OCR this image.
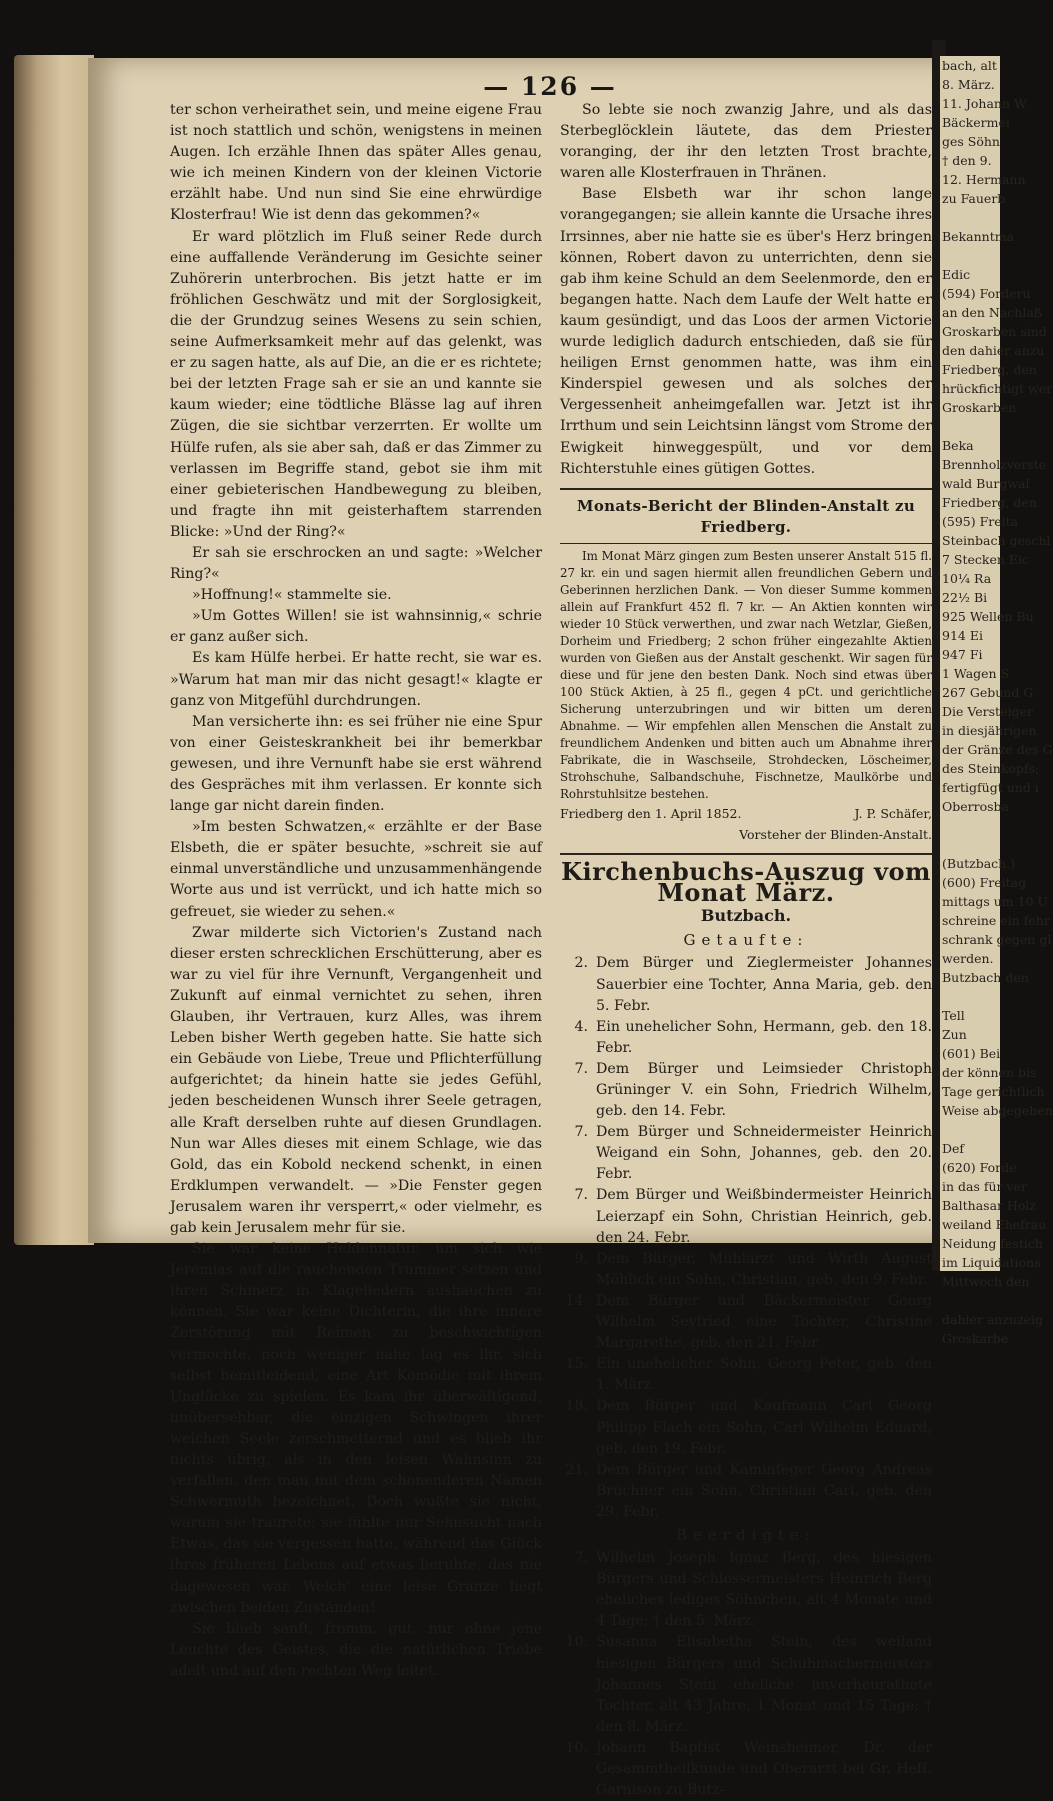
bach, alt
8. März.
11. Johann W
Bäckermei
ges Söhn
† den 9.
12. Hermann
zu Fauerb

Bekanntma

Edic
(594) Forderu
an den Nachlaß
Groskarben sind
den dahier anzu
Friedberg, den
hrückfichtigt wer
Groskarben

Beka
Brennholzverste
wald Burgwal
Friedberg, den
(595) Freita
Steinbach geschl
7 Stecken Eic
10¼ Ra
22½ Bi
925 Wellen Bu
914 Ei
947 Fi
1 Wagen S
267 Gebund G
Die Versteiger
in diesjährigen
der Gränze des G
des Steinkopfs;
fertigfügt und i
Oberrosba

(Butzbach.)
(600) Freitag
mittags um 10 U
schreine ein fehr
schrank gegen gl
werden.
Butzbach den

Tell
Zun
(601) Bei
der können bis
Tage gerichtlich
Weise abgegeben

Def
(620) Forde
in das für ver
Balthasar Holz
weiland Ehefrau
Neidung festich
im Liquidations
Mittwoch den

dahier anzuzeig
Groskarbe
— 126 —

ter schon verheirathet sein, und meine eigene Frau ist noch stattlich und schön, wenigstens in meinen Augen. Ich erzähle Ihnen das später Alles genau, wie ich meinen Kindern von der kleinen Victorie erzählt habe. Und nun sind Sie eine ehrwürdige Klosterfrau! Wie ist denn das gekommen?«

Er ward plötzlich im Fluß seiner Rede durch eine auffallende Veränderung im Gesichte seiner Zuhörerin unterbrochen. Bis jetzt hatte er im fröhlichen Geschwätz und mit der Sorglosigkeit, die der Grundzug seines Wesens zu sein schien, seine Aufmerksamkeit mehr auf das gelenkt, was er zu sagen hatte, als auf Die, an die er es richtete; bei der letzten Frage sah er sie an und kannte sie kaum wieder; eine tödtliche Blässe lag auf ihren Zügen, die sie sichtbar verzerrten. Er wollte um Hülfe rufen, als sie aber sah, daß er das Zimmer zu verlassen im Begriffe stand, gebot sie ihm mit einer gebieterischen Handbewegung zu bleiben, und fragte ihn mit geisterhaftem starrenden Blicke: »Und der Ring?«

Er sah sie erschrocken an und sagte: »Welcher Ring?«

»Hoffnung!« stammelte sie.

»Um Gottes Willen! sie ist wahnsinnig,« schrie er ganz außer sich.

Es kam Hülfe herbei. Er hatte recht, sie war es. »Warum hat man mir das nicht gesagt!« klagte er ganz von Mitgefühl durchdrungen.

Man versicherte ihn: es sei früher nie eine Spur von einer Geisteskrankheit bei ihr bemerkbar gewesen, und ihre Vernunft habe sie erst während des Gespräches mit ihm verlassen. Er konnte sich lange gar nicht darein finden.

»Im besten Schwatzen,« erzählte er der Base Elsbeth, die er später besuchte, »schreit sie auf einmal unverständliche und unzusammenhängende Worte aus und ist verrückt, und ich hatte mich so gefreuet, sie wieder zu sehen.«

Zwar milderte sich Victorien's Zustand nach dieser ersten schrecklichen Erschütterung, aber es war zu viel für ihre Vernunft, Vergangenheit und Zukunft auf einmal vernichtet zu sehen, ihren Glauben, ihr Vertrauen, kurz Alles, was ihrem Leben bisher Werth gegeben hatte. Sie hatte sich ein Gebäude von Liebe, Treue und Pflichterfüllung aufgerichtet; da hinein hatte sie jedes Gefühl, jeden bescheidenen Wunsch ihrer Seele getragen, alle Kraft derselben ruhte auf diesen Grundlagen. Nun war Alles dieses mit einem Schlage, wie das Gold, das ein Kobold neckend schenkt, in einen Erdklumpen verwandelt. — »Die Fenster gegen Jerusalem waren ihr versperrt,« oder vielmehr, es gab kein Jerusalem mehr für sie.

Sie war keine Heldennatur, um sich wie Jeremias auf die rauchenden Trümmer setzen und ihren Schmerz in Klageliedern aushauchen zu können. Sie war keine Dichterin, die ihre innere Zerstörung mit Reimen zu beschwichtigen vermochte, noch weniger nahe lag es ihr, sich selbst bemitleidend, eine Art Komödie mit ihrem Unglücke zu spielen. Es kam ihr überwältigend, unübersehbar, die einzigen Schwingen ihrer weichen Seele zerschmetternd und es blieb ihr nichts übrig, als in den leisen Wahnsinn zu verfallen, den man mit dem schonenderen Namen Schwermuth bezeichnet. Doch wußte sie nicht, warum sie traurete; sie fühlte nur Sehnsucht nach Etwas, das sie vergessen hatte, während das Glück ihres früheren Lebens auf etwas beruhte, das nie dagewesen war. Welch' eine leise Gränze liegt zwischen beiden Zuständen!

Sie blieb sanft, fromm, gut, nur ohne jene Leuchte des Geistes, die die natürlichen Triebe adelt und auf den rechten Weg leitet.

So lebte sie noch zwanzig Jahre, und als das Sterbeglöcklein läutete, das dem Priester voranging, der ihr den letzten Trost brachte, waren alle Klosterfrauen in Thränen.

Base Elsbeth war ihr schon lange vorangegangen; sie allein kannte die Ursache ihres Irrsinnes, aber nie hatte sie es über's Herz bringen können, Robert davon zu unterrichten, denn sie gab ihm keine Schuld an dem Seelenmorde, den er begangen hatte. Nach dem Laufe der Welt hatte er kaum gesündigt, und das Loos der armen Victorie wurde lediglich dadurch entschieden, daß sie für heiligen Ernst genommen hatte, was ihm ein Kinderspiel gewesen und als solches der Vergessenheit anheimgefallen war. Jetzt ist ihr Irrthum und sein Leichtsinn längst vom Strome der Ewigkeit hinweggespült, und vor dem Richterstuhle eines gütigen Gottes.

Monats-Bericht der Blinden-Anstalt zu Friedberg.

Im Monat März gingen zum Besten unserer Anstalt 515 fl. 27 kr. ein und sagen hiermit allen freundlichen Gebern und Geberinnen herzlichen Dank. — Von dieser Summe kommen allein auf Frankfurt 452 fl. 7 kr. — An Aktien konnten wir wieder 10 Stück verwerthen, und zwar nach Wetzlar, Gießen, Dorheim und Friedberg; 2 schon früher eingezahlte Aktien wurden von Gießen aus der Anstalt geschenkt. Wir sagen für diese und für jene den besten Dank. Noch sind etwas über 100 Stück Aktien, à 25 fl., gegen 4 pCt. und gerichtliche Sicherung unterzubringen und wir bitten um deren Abnahme. — Wir empfehlen allen Menschen die Anstalt zu freundlichem Andenken und bitten auch um Abnahme ihrer Fabrikate, die in Waschseile, Strohdecken, Löscheimer, Strohschuhe, Salbandschuhe, Fischnetze, Maulkörbe und Rohrstuhlsitze bestehen.

Friedberg den 1. April 1852.	J. P. Schäfer,
Vorsteher der Blinden-Anstalt.
Kirchenbuchs-Auszug vom Monat März.
Butzbach.
Getaufte:
2. Dem Bürger und Zieglermeister Johannes Sauerbier eine Tochter, Anna Maria, geb. den 5. Febr.
4. Ein unehelicher Sohn, Hermann, geb. den 18. Febr.
7. Dem Bürger und Leimsieder Christoph Grüninger V. ein Sohn, Friedrich Wilhelm, geb. den 14. Febr.
7. Dem Bürger und Schneidermeister Heinrich Weigand ein Sohn, Johannes, geb. den 20. Febr.
7. Dem Bürger und Weißbindermeister Heinrich Leierzapf ein Sohn, Christian Heinrich, geb. den 24. Febr.
9. Dem Bürger, Mühlarzt und Wirth August Möhlich ein Sohn, Christian, geb. den 9. Febr.
14. Dem Bürger und Bäckermeister Georg Wilhelm Seyfried eine Tochter, Christine Margarethe, geb. den 21. Febr.
15. Ein unehelicher Sohn, Georg Peter, geb. den 1. März.
18. Dem Bürger und Kaufmann Carl Georg Philipp Flach ein Sohn, Carl Wilhelm Eduard, geb. den 19. Febr.
21. Dem Bürger und Kaminfeger Georg Andreas Brüchner ein Sohn, Christian Carl, geb. den 29. Febr.
Beerdigte:
7. Wilhelm Joseph Ignaz Berg, des hiesigen Bürgers und Schlossermeisters Heinrich Berg eheliches lediges Söhnchen, alt 4 Monate und 4 Tage; † den 5. März.
10. Susanna Elisabetha Stein, des weiland hiesigen Bürgers und Schuhmachermeisters Johannes Stein eheliche unverheurathete Tochter, alt 43 Jahre, 1 Monat und 15 Tage; † den 8. März.
10. Johann Baptist Weinsheimer, Dr. der Gesammtheilkunde und Oberarzt bei Gr. Heſſ. Garnison zu Butz-
